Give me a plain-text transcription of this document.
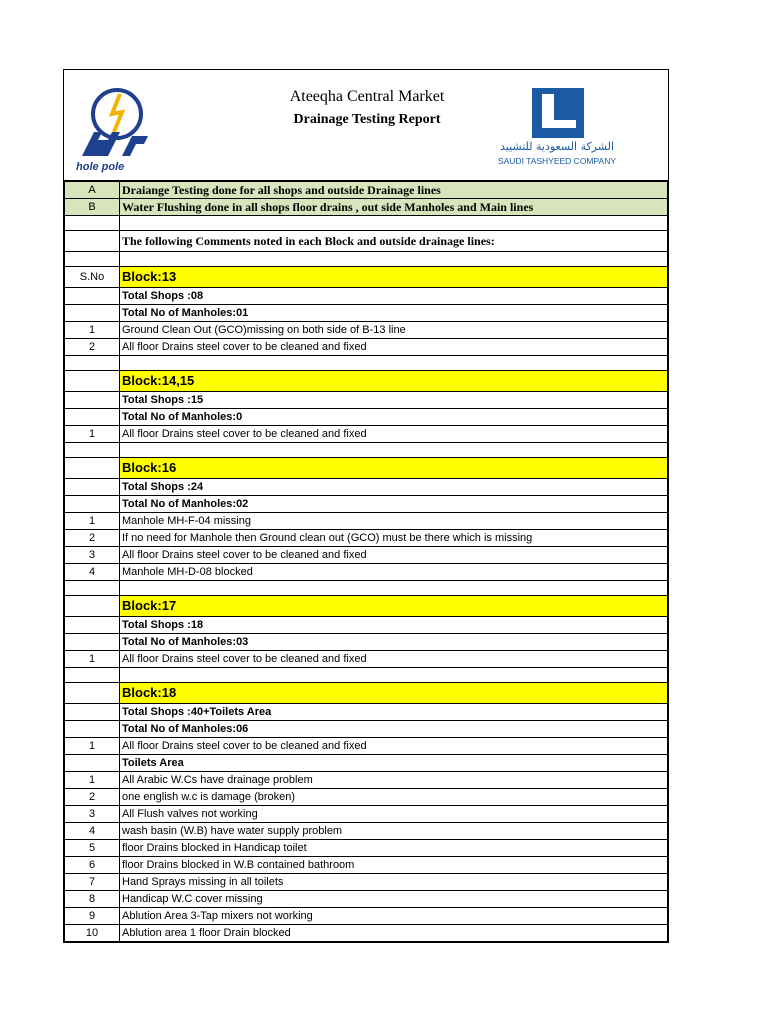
hole pole
Ateeqha Central Market
Drainage Testing Report
الشركة السعودية للتشييد
SAUDI TASHYEED COMPANY
A	Draiange Testing done for all shops and outside Drainage lines
B	Water Flushing done in all shops floor drains , out side Manholes and Main lines

	The following Comments noted in each Block and outside drainage lines:

S.No	Block:13
	Total Shops :08
	Total No of Manholes:01
1	Ground Clean Out (GCO)missing on both side of B-13 line
2	All floor Drains steel cover to be cleaned and fixed

	Block:14,15
	Total Shops :15
	Total No of Manholes:0
1	All floor Drains steel cover to be cleaned and fixed

	Block:16
	Total Shops :24
	Total No of Manholes:02
1	Manhole MH-F-04 missing
2	If no need for Manhole then Ground clean out (GCO) must be there which is missing
3	All floor Drains steel cover to be cleaned and fixed
4	Manhole MH-D-08 blocked

	Block:17
	Total Shops :18
	Total No of Manholes:03
1	All floor Drains steel cover to be cleaned and fixed

	Block:18
	Total Shops :40+Toilets Area
	Total No of Manholes:06
1	All floor Drains steel cover to be cleaned and fixed
	Toilets Area
1	All Arabic W.Cs have drainage problem
2	one english w.c is damage (broken)
3	All Flush valves not working
4	wash basin (W.B) have water supply problem
5	floor Drains blocked in Handicap toilet
6	floor Drains blocked in W.B contained bathroom
7	Hand Sprays missing in all toilets
8	Handicap W.C cover missing
9	Ablution Area 3-Tap mixers not working
10	Ablution area 1 floor Drain blocked
